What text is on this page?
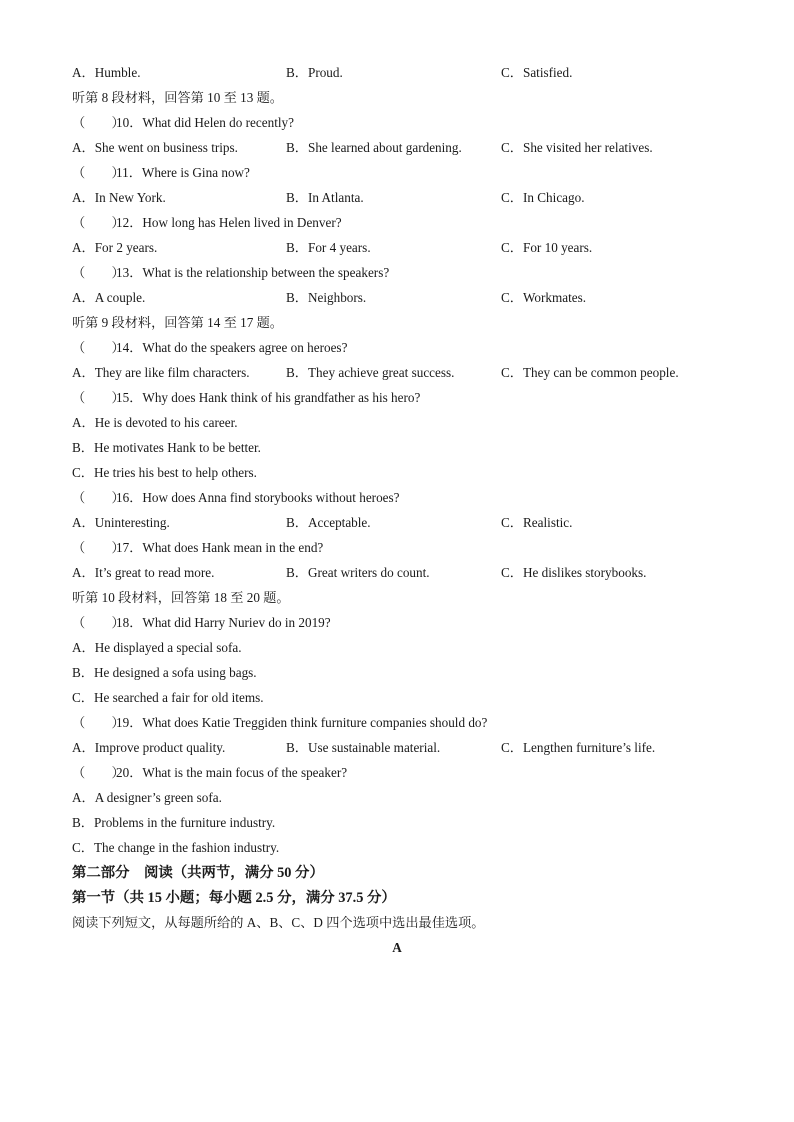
A．Humble.	B．Proud.	C．Satisfied.
听第 8 段材料，回答第 10 至 13 题。
（　　）10．What did Helen do recently?
A．She went on business trips.	B．She learned about gardening.	C．She visited her relatives.
（　　）11．Where is Gina now?
A．In New York.	B．In Atlanta.	C．In Chicago.
（　　）12．How long has Helen lived in Denver?
A．For 2 years.	B．For 4 years.	C．For 10 years.
（　　）13．What is the relationship between the speakers?
A．A couple.	B．Neighbors.	C．Workmates.
听第 9 段材料，回答第 14 至 17 题。
（　　）14．What do the speakers agree on heroes?
A．They are like film characters.	B．They achieve great success.	C．They can be common people.
（　　）15．Why does Hank think of his grandfather as his hero?
A．He is devoted to his career.
B．He motivates Hank to be better.
C．He tries his best to help others.
（　　）16．How does Anna find storybooks without heroes?
A．Uninteresting.	B．Acceptable.	C．Realistic.
（　　）17．What does Hank mean in the end?
A．It’s great to read more.	B．Great writers do count.	C．He dislikes storybooks.
听第 10 段材料，回答第 18 至 20 题。
（　　）18．What did Harry Nuriev do in 2019?
A．He displayed a special sofa.
B．He designed a sofa using bags.
C．He searched a fair for old items.
（　　）19．What does Katie Treggiden think furniture companies should do?
A．Improve product quality.	B．Use sustainable material.	C．Lengthen furniture’s life.
（　　）20．What is the main focus of the speaker?
A．A designer’s green sofa.
B．Problems in the furniture industry.
C．The change in the fashion industry.
第二部分　阅读（共两节，满分 50 分）
第一节（共 15 小题；每小题 2.5 分，满分 37.5 分）
阅读下列短文，从每题所给的 A、B、C、D 四个选项中选出最佳选项。
A
